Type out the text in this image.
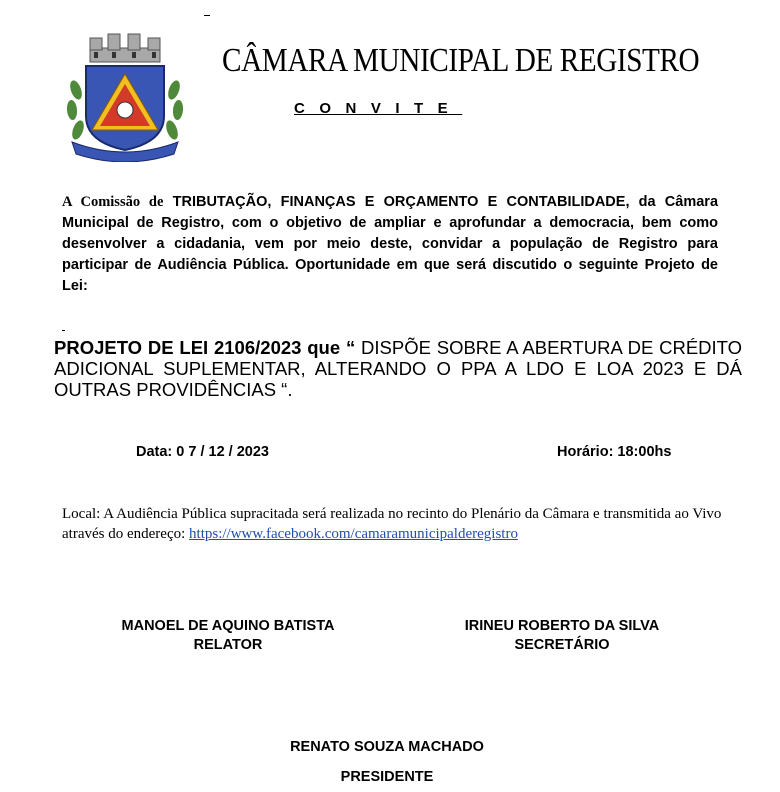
CÂMARA MUNICIPAL DE REGISTRO
CONVITE
A Comissão de TRIBUTAÇÃO, FINANÇAS E ORÇAMENTO E CONTABILIDADE, da Câmara Municipal de Registro, com o objetivo de ampliar e aprofundar a democracia, bem como desenvolver a cidadania, vem por meio deste, convidar a população de Registro para participar de Audiência Pública. Oportunidade em que será discutido o seguinte Projeto de Lei:
PROJETO DE LEI 2106/2023 que “ DISPÕE SOBRE A ABERTURA DE CRÉDITO ADICIONAL SUPLEMENTAR, ALTERANDO O PPA A LDO E LOA 2023 E DÁ OUTRAS PROVIDÊNCIAS “.
Data: 0 7 / 12 / 2023	Horário: 18:00hs
Local: A Audiência Pública supracitada será realizada no recinto do Plenário da Câmara e transmitida ao Vivo através do endereço: https://www.facebook.com/camaramunicipalderegistro
MANOEL DE AQUINO BATISTA
RELATOR
IRINEU ROBERTO DA SILVA
SECRETÁRIO
RENATO SOUZA MACHADO
PRESIDENTE
